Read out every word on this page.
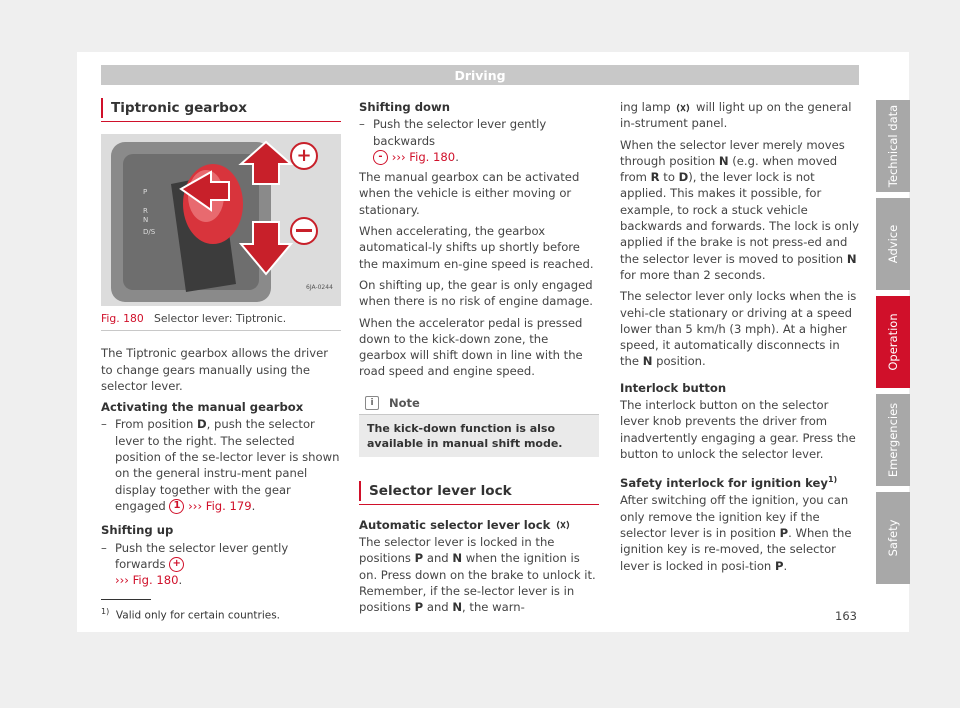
Driving
Technical data
Advice
Operation
Emergencies
Safety
Tiptronic gearbox
+
P
R
N
D/S
6JA-0244
Fig. 180 Selector lever: Tiptronic.

The Tiptronic gearbox allows the driver to change gears manually using the selector lever.

Activating the manual gearbox

– From position D, push the selector lever to the right. The selected position of the se-lector lever is shown on the general instru-ment panel display together with the gear engaged 1 ››› Fig. 179.

Shifting up

– Push the selector lever gently forwards +
››› Fig. 180.

Shifting down

– Push the selector lever gently backwards
- ››› Fig. 180.

The manual gearbox can be activated when the vehicle is either moving or stationary.

When accelerating, the gearbox automatical-ly shifts up shortly before the maximum en-gine speed is reached.

On shifting up, the gear is only engaged when there is no risk of engine damage.

When the accelerator pedal is pressed down to the kick-down zone, the gearbox will shift down in line with the road speed and engine speed.

i	Note
The kick-down function is also available in manual shift mode.
Selector lever lock

Automatic selector lever lock

The selector lever is locked in the positions P and N when the ignition is on. Press down on the brake to unlock it. Remember, if the se-lector lever is in positions P and N, the warn-

ing lamp  will light up on the general in-strument panel.

When the selector lever merely moves through position N (e.g. when moved from R to D), the lever lock is not applied. This makes it possible, for example, to rock a stuck vehicle backwards and forwards. The lock is only applied if the brake is not press-ed and the selector lever is moved to position N for more than 2 seconds.

The selector lever only locks when the is vehi-cle stationary or driving at a speed lower than 5 km/h (3 mph). At a higher speed, it automatically disconnects in the N position.

Interlock button

The interlock button on the selector lever knob prevents the driver from inadvertently engaging a gear. Press the button to unlock the selector lever.

Safety interlock for ignition key$^{1)}$

After switching off the ignition, you can only remove the ignition key if the selector lever is in position P. When the ignition key is re-moved, the selector lever is locked in posi-tion P.

$^{1)}$ Valid only for certain countries.	163
